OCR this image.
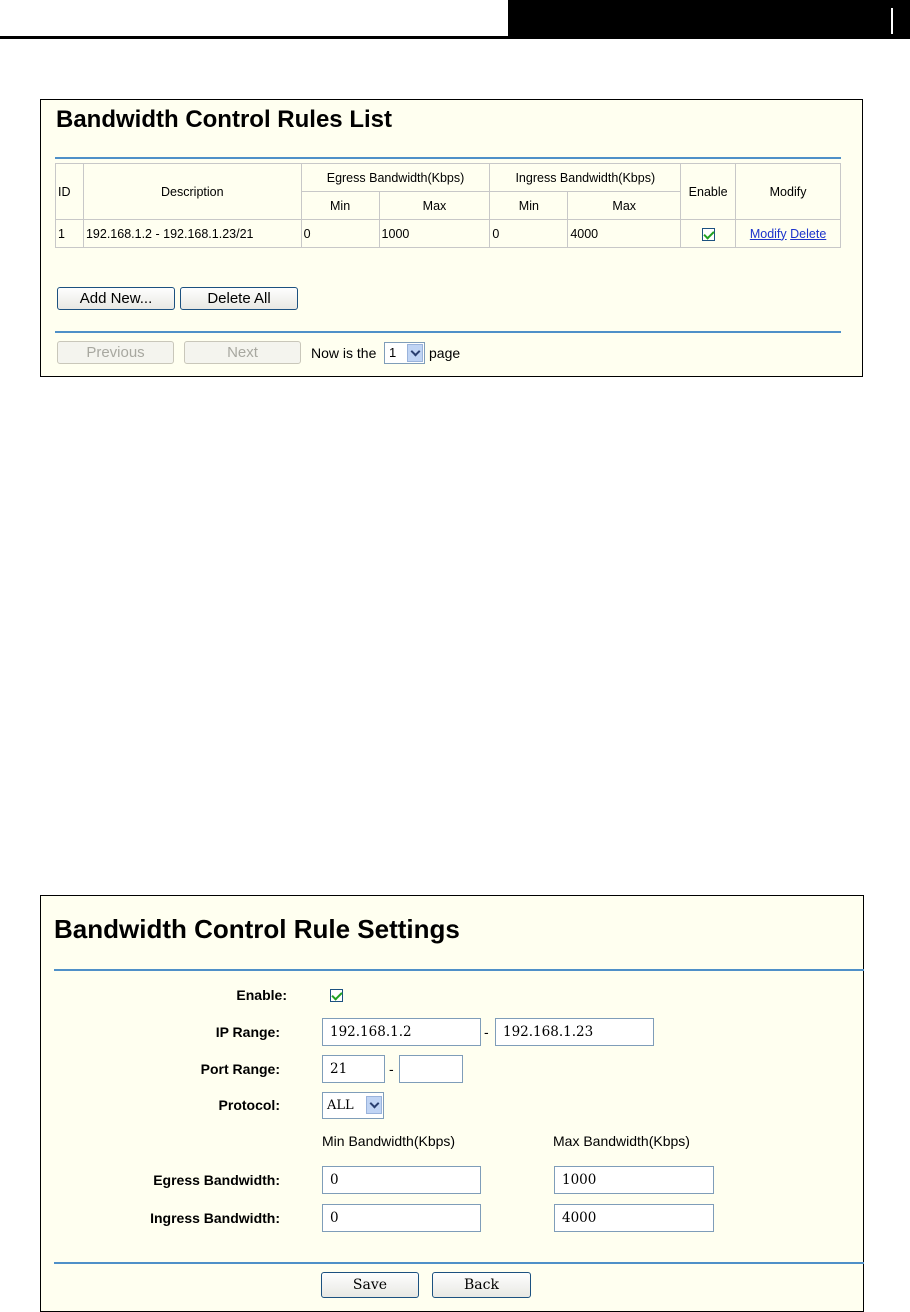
Bandwidth Control Rules List
ID	Description	Egress Bandwidth(Kbps)		Ingress Bandwidth(Kbps)		Enable	Modify
		Min	Max	Min	Max		
1	192.168.1.2 - 192.168.1.23/21	0	1000	0	4000		Modify Delete
Add New...	Delete All
Previous	Next	Now is the 1 page
Bandwidth Control Rule Settings
Enable:
IP Range:	192.168.1.2	-	192.168.1.23
Port Range:	21	-
Protocol:	ALL
Min Bandwidth(Kbps)	Max Bandwidth(Kbps)
Egress Bandwidth:	0	1000
Ingress Bandwidth:	0	4000
Save	Back
